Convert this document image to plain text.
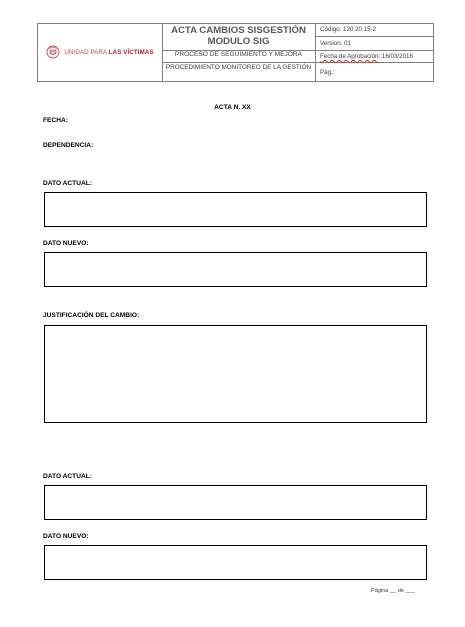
UNIDAD PARA LAS VÍCTIMAS
ACTA CAMBIOS SISGESTIÓN
MODULO SIG
PROCESO DE SEGUIMIENTO Y MEJORA
PROCEDIMIENTO MONITOREO DE LA GESTIÓN
Código: 120.20.15-2
Version: 01
Fecha de Aprobación: 16/03/2016
Pág.:
ACTA N. XX
FECHA:
DEPENDENCIA:
DATO ACTUAL:
DATO NUEVO:
JUSTIFICACIÓN DEL CAMBIO:
DATO ACTUAL:
DATO NUEVO:
Página __ de ___
